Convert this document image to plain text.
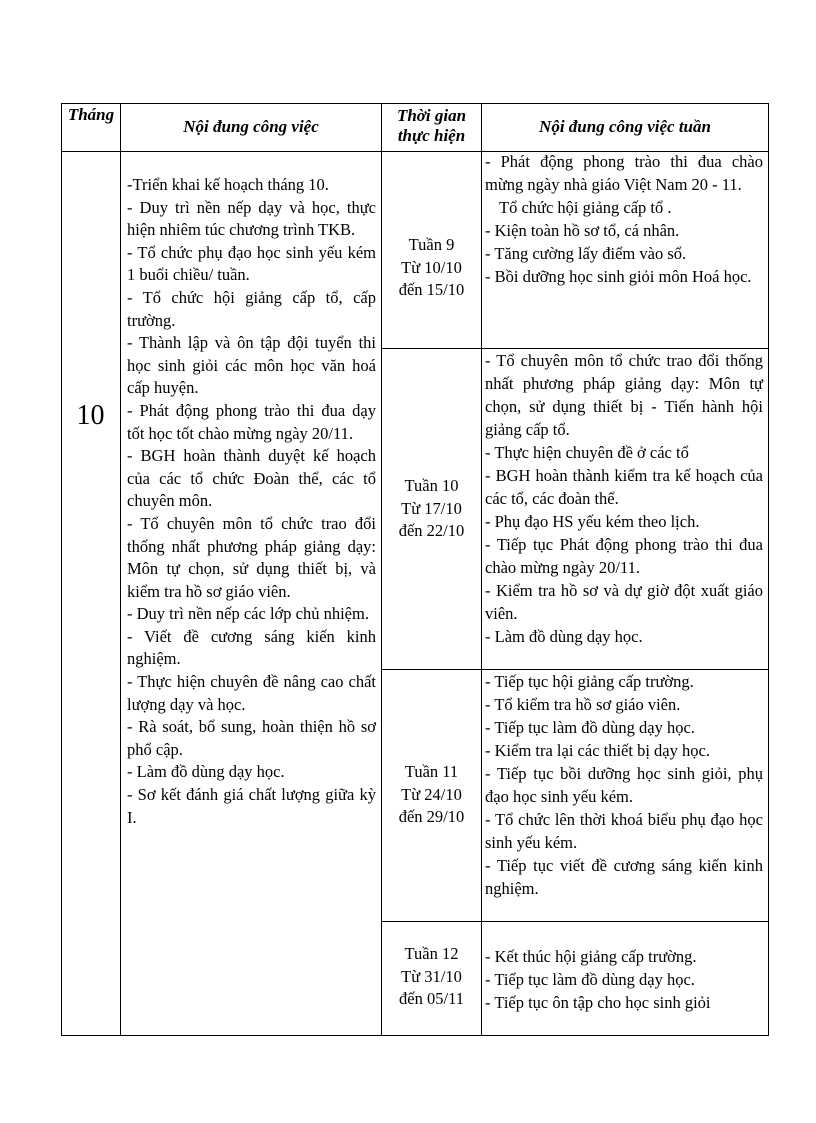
Tháng
Nội đung công việc
Thời gian thực hiện	Nội đung công việc tuần
10
-Triển khai kế hoạch tháng 10.
- Duy trì nền nếp dạy và học, thực hiện nhiêm túc chương trình TKB.
- Tổ chức phụ đạo học sinh yếu kém 1 buổi chiều/ tuần.
- Tổ chức hội giảng cấp tổ, cấp trường.
- Thành lập và ôn tập đội tuyển thi học sinh giỏi các môn học văn hoá cấp huyện.
- Phát động phong trào thi đua dạy tốt học tốt chào mừng ngày 20/11.
- BGH hoàn thành duyệt kế hoạch của các tổ chức Đoàn thể, các tổ chuyên môn.
- Tổ chuyên môn tổ chức trao đổi thống nhất phương pháp giảng dạy: Môn tự chọn, sử dụng thiết bị, và kiểm tra hồ sơ giáo viên.
- Duy trì nền nếp các lớp chủ nhiệm.
- Viết đề cương sáng kiến kinh nghiệm.
- Thực hiện chuyên đề nâng cao chất lượng dạy và học.
- Rà soát, bổ sung, hoàn thiện hồ sơ phổ cập.
- Làm đồ dùng dạy học.
- Sơ kết đánh giá chất lượng giữa kỳ I.
Tuần 9
Từ 10/10
đến 15/10
- Phát động phong trào thi đua chào mừng ngày nhà giáo Việt Nam 20 - 11.
Tổ chức hội giảng cấp tổ .
- Kiện toàn hồ sơ tổ, cá nhân.
- Tăng cường lấy điểm vào sổ.
- Bồi dưỡng học sinh giỏi môn Hoá học.
Tuần 10
Từ 17/10
đến 22/10
- Tổ chuyên môn tổ chức trao đổi thống nhất phương pháp giảng dạy: Môn tự chọn, sử dụng thiết bị - Tiến hành hội giảng cấp tổ.
- Thực hiện chuyên đề ở các tổ
- BGH hoàn thành kiểm tra kế hoạch của các tổ, các đoàn thể.
- Phụ đạo HS yếu kém theo lịch.
- Tiếp tục Phát động phong trào thi đua chào mừng ngày 20/11.
- Kiểm tra hồ sơ và dự giờ đột xuất giáo viên.
- Làm đồ dùng dạy học.
Tuần 11
Từ 24/10
đến 29/10
- Tiếp tục hội giảng cấp trường.
- Tổ kiểm tra hồ sơ giáo viên.
- Tiếp tục làm đồ dùng dạy học.
- Kiểm tra lại các thiết bị dạy học.
- Tiếp tục bồi dưỡng học sinh giỏi, phụ đạo học sinh yếu kém.
- Tổ chức lên thời khoá biểu phụ đạo học sinh yếu kém.
- Tiếp tục viết đề cương sáng kiến kinh nghiệm.
Tuần 12
Từ 31/10
đến 05/11
- Kết thúc hội giảng cấp trường.
- Tiếp tục làm đồ dùng dạy học.
- Tiếp tục ôn tập cho học sinh giỏi
